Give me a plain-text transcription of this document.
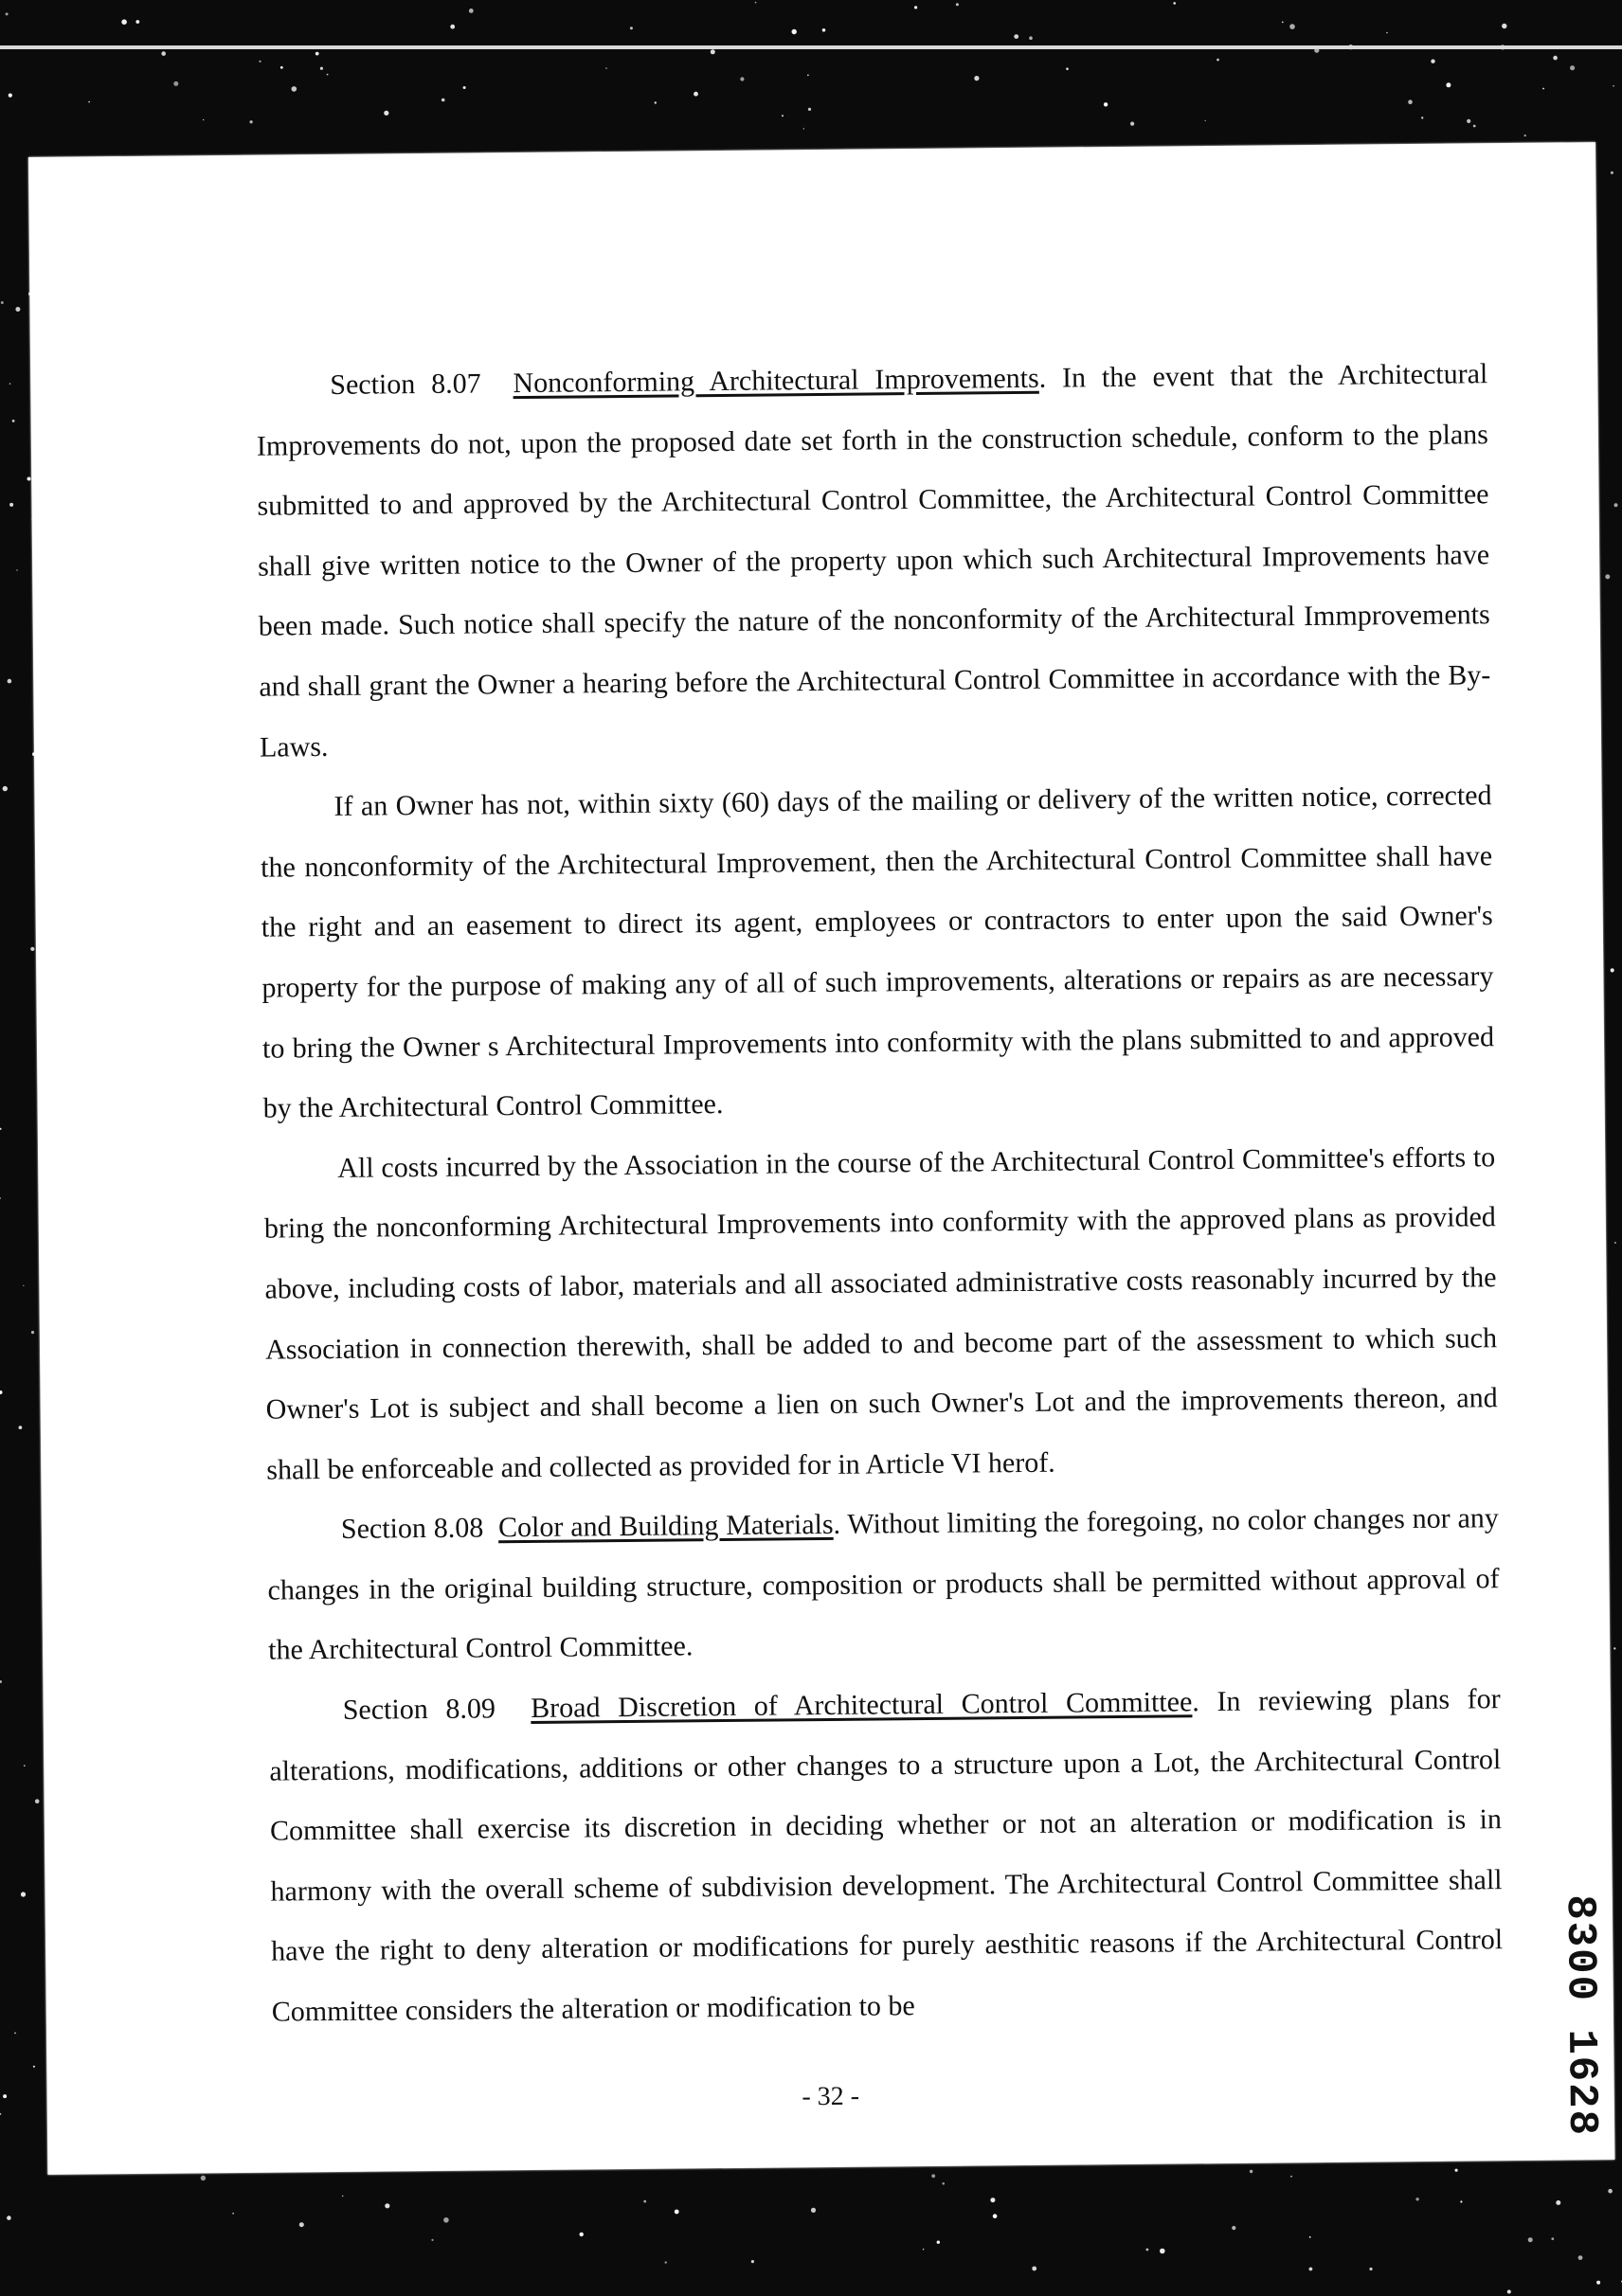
Section 8.07 Nonconforming Architectural Improvements. In the event that the Architectural Improvements do not, upon the proposed date set forth in the construction schedule, conform to the plans submitted to and approved by the Architectural Control Committee, the Architectural Control Committee shall give written notice to the Owner of the property upon which such Architectural Improvements have been made. Such notice shall specify the nature of the nonconformity of the Architectural Immprovements and shall grant the Owner a hearing before the Architectural Control Committee in accordance with the By-Laws.

If an Owner has not, within sixty (60) days of the mailing or delivery of the written notice, corrected the nonconformity of the Architectural Improvement, then the Architectural Control Committee shall have the right and an easement to direct its agent, employees or contractors to enter upon the said Owner's property for the purpose of making any of all of such improvements, alterations or repairs as are necessary to bring the Owner s Architectural Improvements into conformity with the plans submitted to and approved by the Architectural Control Committee.

All costs incurred by the Association in the course of the Architectural Control Committee's efforts to bring the nonconforming Architectural Improvements into conformity with the approved plans as provided above, including costs of labor, materials and all associated administrative costs reasonably incurred by the Association in connection therewith, shall be added to and become part of the assessment to which such Owner's Lot is subject and shall become a lien on such Owner's Lot and the improvements thereon, and shall be enforceable and collected as provided for in Article VI herof.

Section 8.08 Color and Building Materials. Without limiting the foregoing, no color changes nor any changes in the original building structure, composition or products shall be permitted without approval of the Architectural Control Committee.

Section 8.09 Broad Discretion of Architectural Control Committee. In reviewing plans for alterations, modifications, additions or other changes to a structure upon a Lot, the Architectural Control Committee shall exercise its discretion in deciding whether or not an alteration or modification is in harmony with the overall scheme of subdivision development. The Architectural Control Committee shall have the right to deny alteration or modifications for purely aesthitic reasons if the Architectural Control Committee considers the alteration or modification to be

- 32 -	8300 1628
